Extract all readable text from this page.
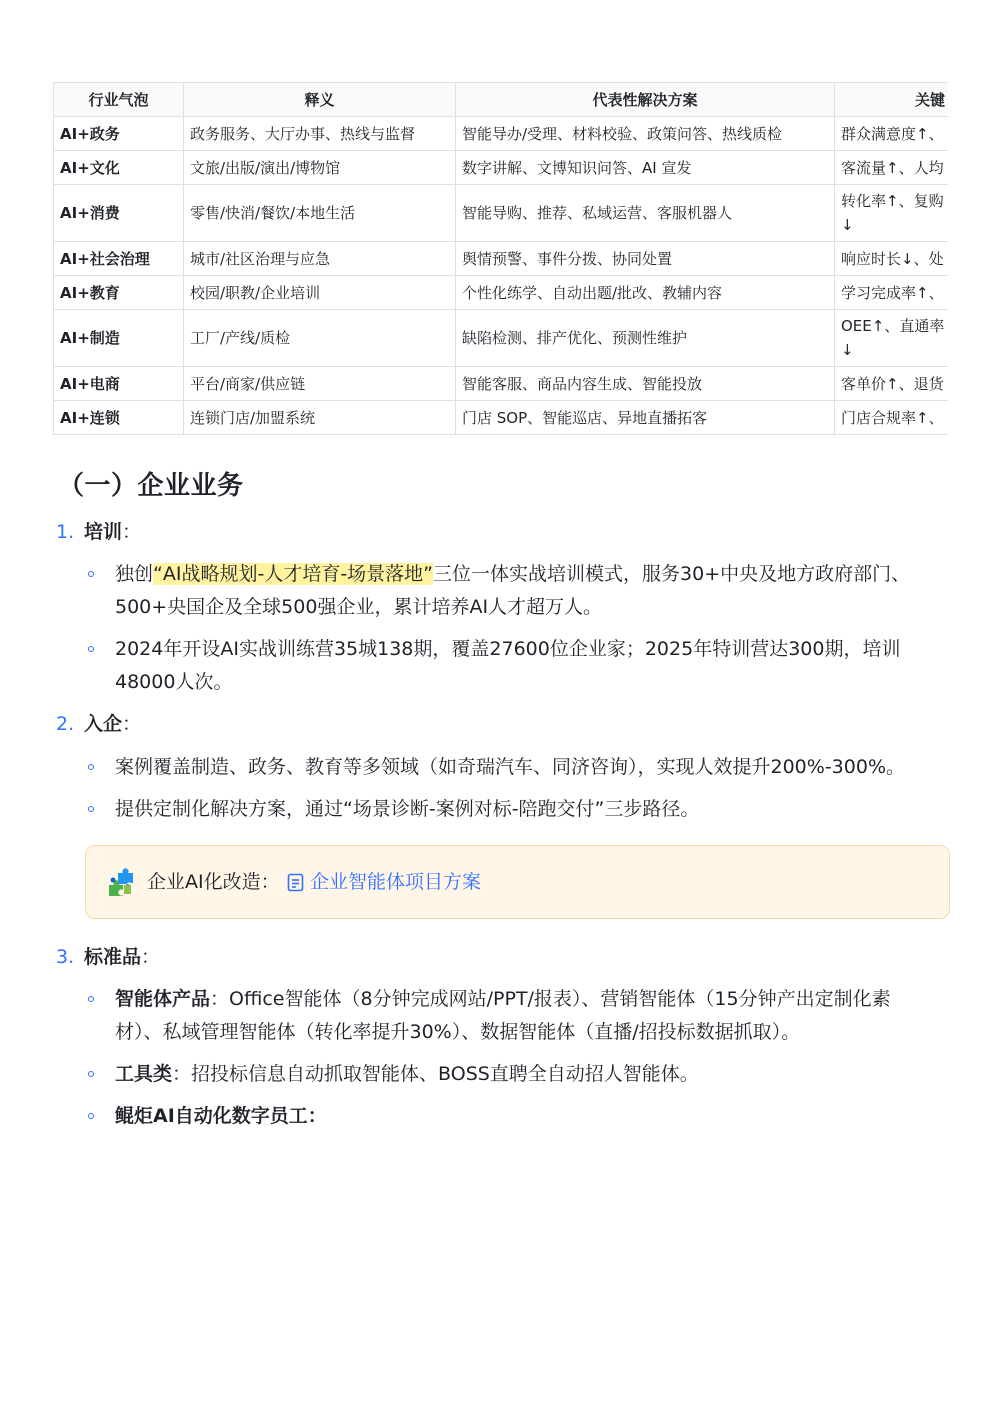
行业气泡	释义	代表性解决方案	关键
AI+政务	政务服务、大厅办事、热线与监督	智能导办/受理、材料校验、政策问答、热线质检	群众满意度↑、
AI+文化	文旅/出版/演出/博物馆	数字讲解、文博知识问答、AI 宣发	客流量↑、人均
AI+消费	零售/快消/餐饮/本地生活	智能导购、推荐、私域运营、客服机器人	转化率↑、复购
↓
AI+社会治理	城市/社区治理与应急	舆情预警、事件分拨、协同处置	响应时长↓、处
AI+教育	校园/职教/企业培训	个性化练学、自动出题/批改、教辅内容	学习完成率↑、
AI+制造	工厂/产线/质检	缺陷检测、排产优化、预测性维护	OEE↑、直通率
↓
AI+电商	平台/商家/供应链	智能客服、商品内容生成、智能投放	客单价↑、退货
AI+连锁	连锁门店/加盟系统	门店 SOP、智能巡店、异地直播拓客	门店合规率↑、
（一）企业业务
1. 培训：
独创“AI战略规划-人才培育-场景落地”三位一体实战培训模式，服务30+中央及地方政府部门、500+央国企及全球500强企业，累计培养AI人才超万人。
2024年开设AI实战训练营35城138期，覆盖27600位企业家；2025年特训营达300期，培训48000人次。
2. 入企：
案例覆盖制造、政务、教育等多领域（如奇瑞汽车、同济咨询），实现人效提升200%-300%。
提供定制化解决方案，通过“场景诊断-案例对标-陪跑交付”三步路径。
企业AI化改造： 企业智能体项目方案
3. 标准品：
智能体产品：Office智能体（8分钟完成网站/PPT/报表）、营销智能体（15分钟产出定制化素材）、私域管理智能体（转化率提升30%）、数据智能体（直播/招投标数据抓取）。
工具类：招投标信息自动抓取智能体、BOSS直聘全自动招人智能体。
鲲炬AI自动化数字员工：
